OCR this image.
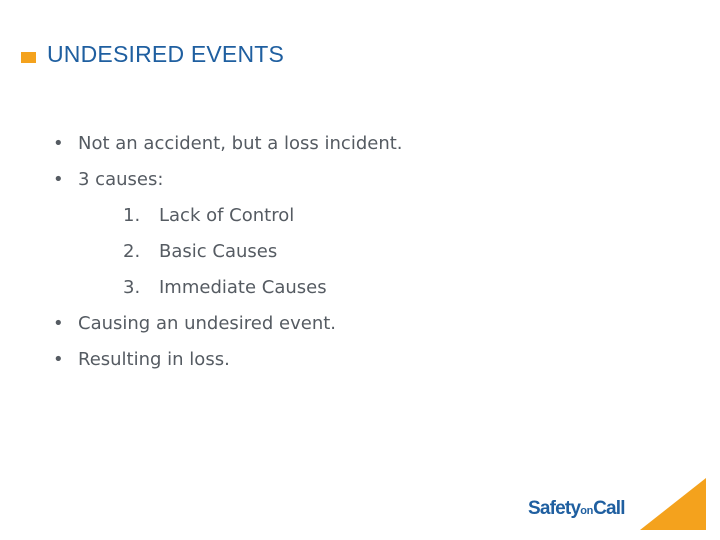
UNDESIRED EVENTS
• Not an accident, but a loss incident.
• 3 causes:
1. Lack of Control
2. Basic Causes
3. Immediate Causes
• Causing an undesired event.
• Resulting in loss.
SafetyonCall
